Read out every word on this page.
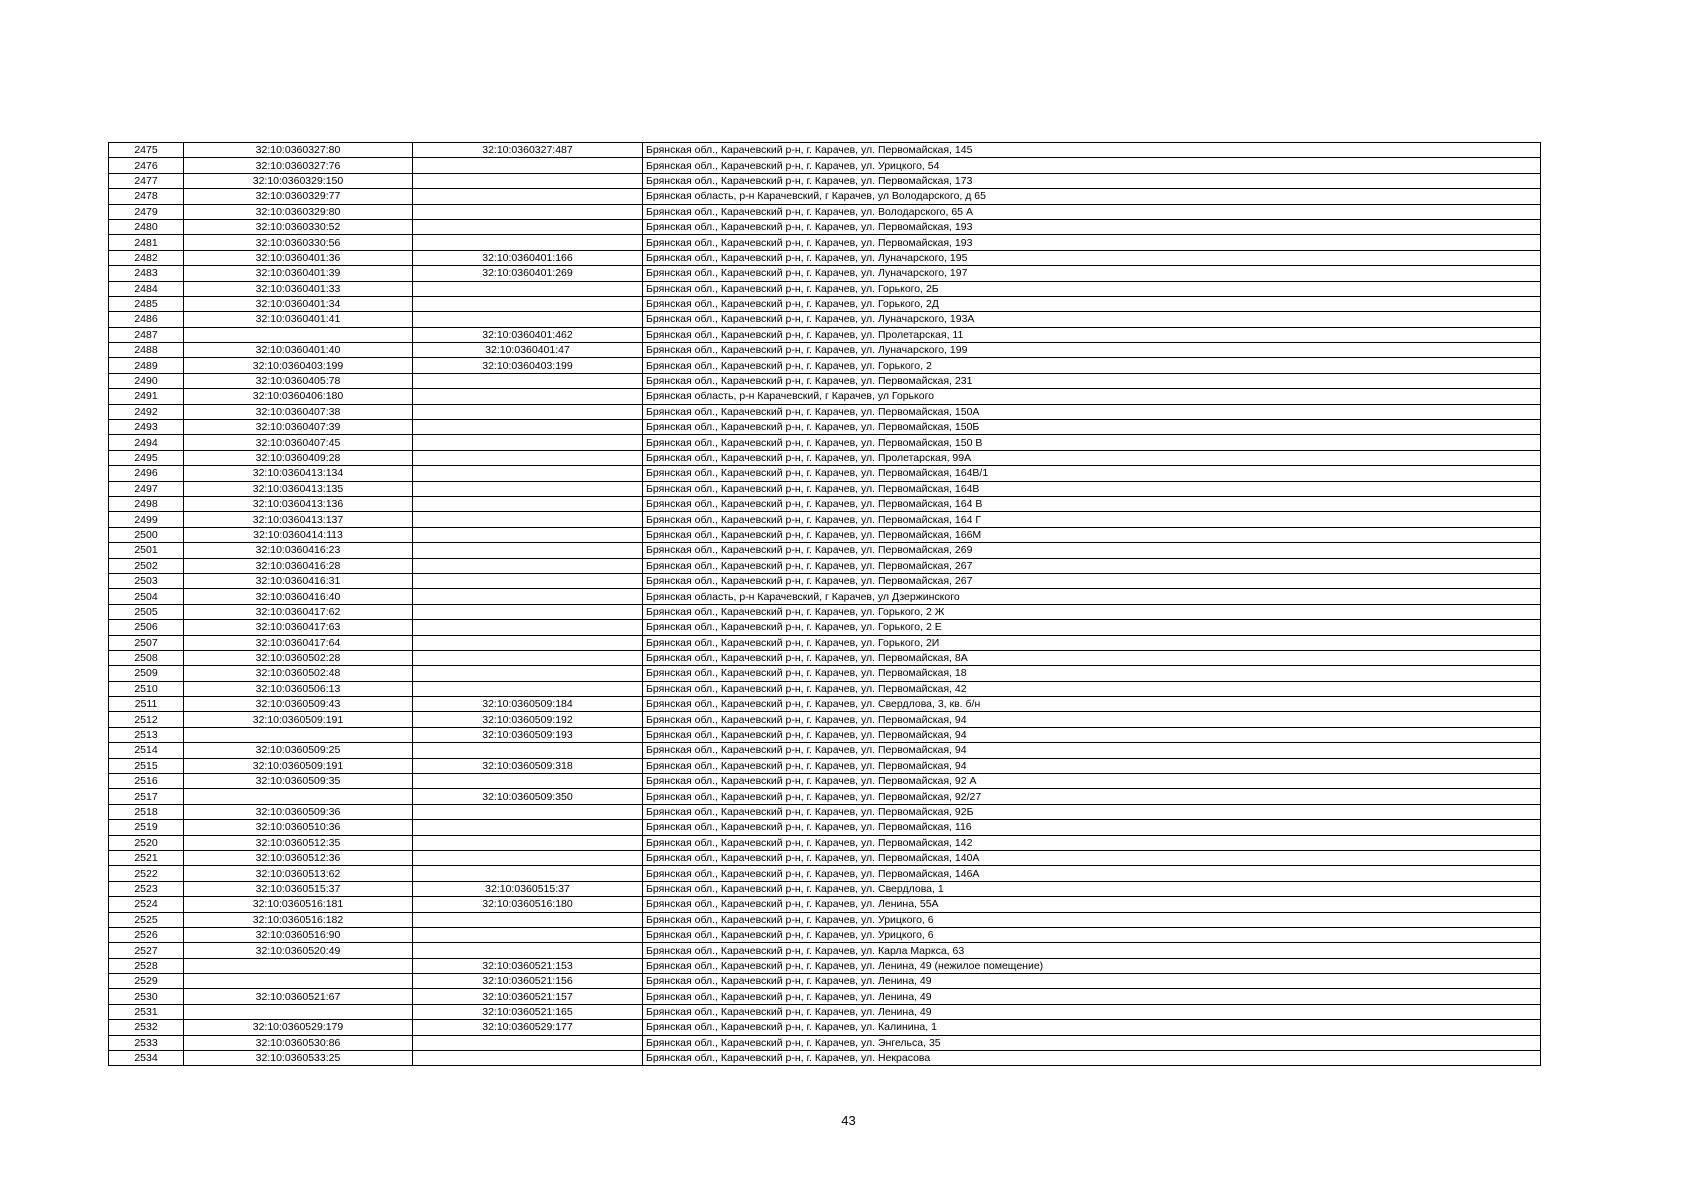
2475	32:10:0360327:80	32:10:0360327:487	Брянская обл., Карачевский р-н, г. Карачев, ул. Первомайская, 145
2476	32:10:0360327:76		Брянская обл., Карачевский р-н, г. Карачев, ул. Урицкого, 54
2477	32:10:0360329:150		Брянская обл., Карачевский р-н, г. Карачев, ул. Первомайская, 173
2478	32:10:0360329:77		Брянская область, р-н Карачевский, г Карачев, ул Володарского, д 65
2479	32:10:0360329:80		Брянская обл., Карачевский р-н, г. Карачев, ул. Володарского, 65 А
2480	32:10:0360330:52		Брянская обл., Карачевский р-н, г. Карачев, ул. Первомайская, 193
2481	32:10:0360330:56		Брянская обл., Карачевский р-н, г. Карачев, ул. Первомайская, 193
2482	32:10:0360401:36	32:10:0360401:166	Брянская обл., Карачевский р-н, г. Карачев, ул. Луначарского, 195
2483	32:10:0360401:39	32:10:0360401:269	Брянская обл., Карачевский р-н, г. Карачев, ул. Луначарского, 197
2484	32:10:0360401:33		Брянская обл., Карачевский р-н, г. Карачев, ул. Горького, 2Б
2485	32:10:0360401:34		Брянская обл., Карачевский р-н, г. Карачев, ул. Горького, 2Д
2486	32:10:0360401:41		Брянская обл., Карачевский р-н, г. Карачев, ул. Луначарского, 193А
2487		32:10:0360401:462	Брянская обл., Карачевский р-н, г. Карачев, ул. Пролетарская, 11
2488	32:10:0360401:40	32:10:0360401:47	Брянская обл., Карачевский р-н, г. Карачев, ул. Луначарского, 199
2489	32:10:0360403:199	32:10:0360403:199	Брянская обл., Карачевский р-н, г. Карачев, ул. Горького, 2
2490	32:10:0360405:78		Брянская обл., Карачевский р-н, г. Карачев, ул. Первомайская, 231
2491	32:10:0360406:180		Брянская область, р-н Карачевский, г Карачев, ул Горького
2492	32:10:0360407:38		Брянская обл., Карачевский р-н, г. Карачев, ул. Первомайская, 150А
2493	32:10:0360407:39		Брянская обл., Карачевский р-н, г. Карачев, ул. Первомайская, 150Б
2494	32:10:0360407:45		Брянская обл., Карачевский р-н, г. Карачев, ул. Первомайская, 150 В
2495	32:10:0360409:28		Брянская обл., Карачевский р-н, г. Карачев, ул. Пролетарская, 99А
2496	32:10:0360413:134		Брянская обл., Карачевский р-н, г. Карачев, ул. Первомайская, 164В/1
2497	32:10:0360413:135		Брянская обл., Карачевский р-н, г. Карачев, ул. Первомайская, 164В
2498	32:10:0360413:136		Брянская обл., Карачевский р-н, г. Карачев, ул. Первомайская, 164 В
2499	32:10:0360413:137		Брянская обл., Карачевский р-н, г. Карачев, ул. Первомайская, 164 Г
2500	32:10:0360414:113		Брянская обл., Карачевский р-н, г. Карачев, ул. Первомайская, 166М
2501	32:10:0360416:23		Брянская обл., Карачевский р-н, г. Карачев, ул. Первомайская, 269
2502	32:10:0360416:28		Брянская обл., Карачевский р-н, г. Карачев, ул. Первомайская, 267
2503	32:10:0360416:31		Брянская обл., Карачевский р-н, г. Карачев, ул. Первомайская, 267
2504	32:10:0360416:40		Брянская область, р-н Карачевский, г Карачев, ул Дзержинского
2505	32:10:0360417:62		Брянская обл., Карачевский р-н, г. Карачев, ул. Горького, 2 Ж
2506	32:10:0360417:63		Брянская обл., Карачевский р-н, г. Карачев, ул. Горького, 2 Е
2507	32:10:0360417:64		Брянская обл., Карачевский р-н, г. Карачев, ул. Горького, 2И
2508	32:10:0360502:28		Брянская обл., Карачевский р-н, г. Карачев, ул. Первомайская, 8А
2509	32:10:0360502:48		Брянская обл., Карачевский р-н, г. Карачев, ул. Первомайская, 18
2510	32:10:0360506:13		Брянская обл., Карачевский р-н, г. Карачев, ул. Первомайская, 42
2511	32:10:0360509:43	32:10:0360509:184	Брянская обл., Карачевский р-н, г. Карачев, ул. Свердлова, 3, кв. б/н
2512	32:10:0360509:191	32:10:0360509:192	Брянская обл., Карачевский р-н, г. Карачев, ул. Первомайская, 94
2513		32:10:0360509:193	Брянская обл., Карачевский р-н, г. Карачев, ул. Первомайская, 94
2514	32:10:0360509:25		Брянская обл., Карачевский р-н, г. Карачев, ул. Первомайская, 94
2515	32:10:0360509:191	32:10:0360509:318	Брянская обл., Карачевский р-н, г. Карачев, ул. Первомайская, 94
2516	32:10:0360509:35		Брянская обл., Карачевский р-н, г. Карачев, ул. Первомайская, 92 А
2517		32:10:0360509:350	Брянская обл., Карачевский р-н, г. Карачев, ул. Первомайская, 92/27
2518	32:10:0360509:36		Брянская обл., Карачевский р-н, г. Карачев, ул. Первомайская, 92Б
2519	32:10:0360510:36		Брянская обл., Карачевский р-н, г. Карачев, ул. Первомайская, 116
2520	32:10:0360512:35		Брянская обл., Карачевский р-н, г. Карачев, ул. Первомайская, 142
2521	32:10:0360512:36		Брянская обл., Карачевский р-н, г. Карачев, ул. Первомайская, 140А
2522	32:10:0360513:62		Брянская обл., Карачевский р-н, г. Карачев, ул. Первомайская, 146А
2523	32:10:0360515:37	32:10:0360515:37	Брянская обл., Карачевский р-н, г. Карачев, ул. Свердлова, 1
2524	32:10:0360516:181	32:10:0360516:180	Брянская обл., Карачевский р-н, г. Карачев, ул. Ленина, 55А
2525	32:10:0360516:182		Брянская обл., Карачевский р-н, г. Карачев, ул. Урицкого, 6
2526	32:10:0360516:90		Брянская обл., Карачевский р-н, г. Карачев, ул. Урицкого, 6
2527	32:10:0360520:49		Брянская обл., Карачевский р-н, г. Карачев, ул. Карла Маркса, 63
2528		32:10:0360521:153	Брянская обл., Карачевский р-н, г. Карачев, ул. Ленина, 49 (нежилое помещение)
2529		32:10:0360521:156	Брянская обл., Карачевский р-н, г. Карачев, ул. Ленина, 49
2530	32:10:0360521:67	32:10:0360521:157	Брянская обл., Карачевский р-н, г. Карачев, ул. Ленина, 49
2531		32:10:0360521:165	Брянская обл., Карачевский р-н, г. Карачев, ул. Ленина, 49
2532	32:10:0360529:179	32:10:0360529:177	Брянская обл., Карачевский р-н, г. Карачев, ул. Калинина, 1
2533	32:10:0360530:86		Брянская обл., Карачевский р-н, г. Карачев, ул. Энгельса, 35
2534	32:10:0360533:25		Брянская обл., Карачевский р-н, г. Карачев, ул. Некрасова
43
